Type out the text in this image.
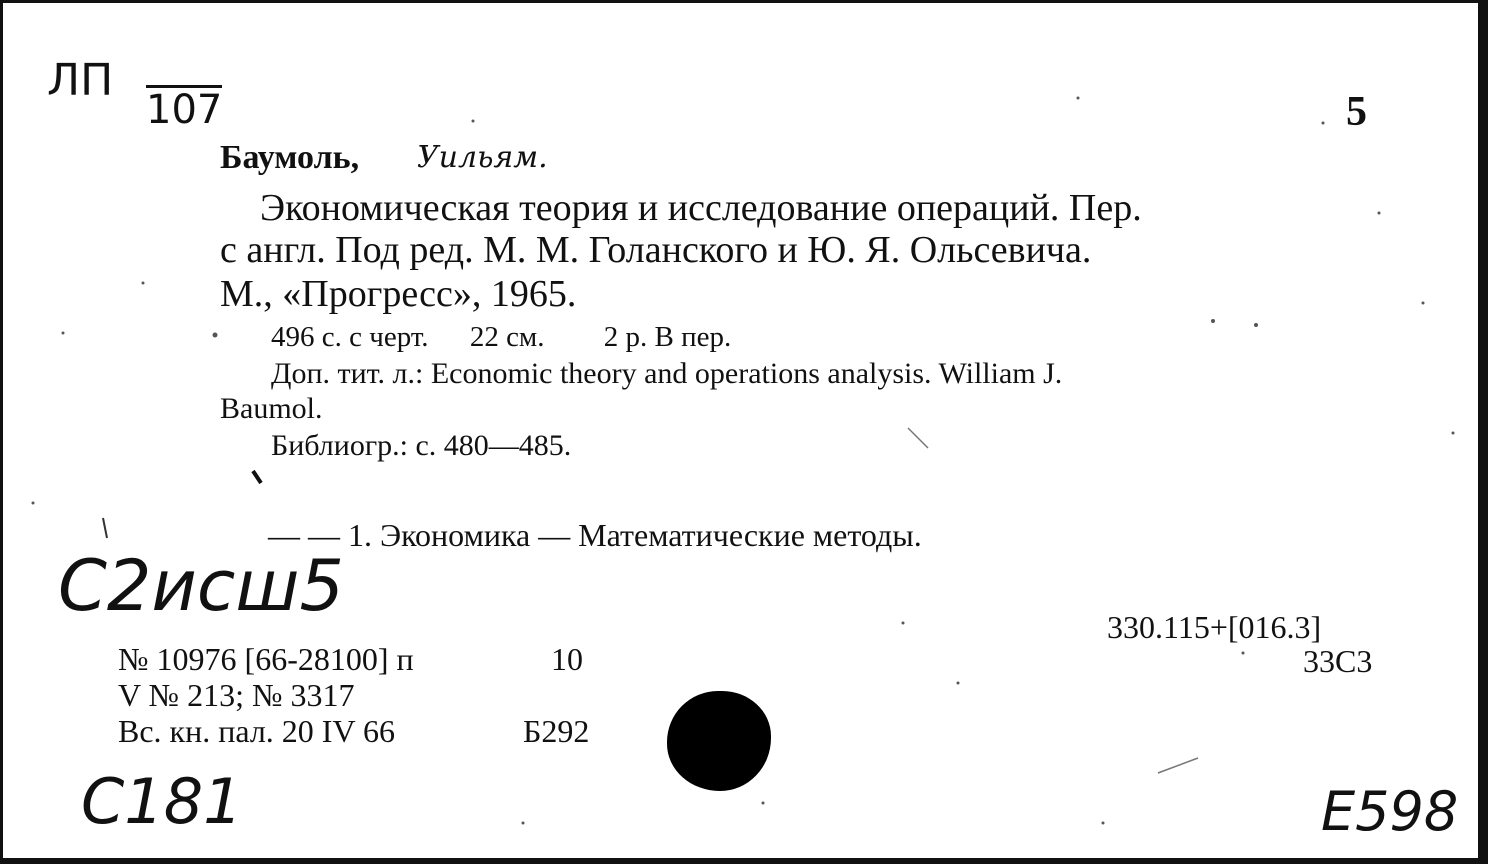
ЛП
107	5
Баумоль, Уильям.
Экономическая теория и исследование операций. Пер.
с англ. Под ред. М. М. Голанского и Ю. Я. Ольсевича.
М., «Прогресс», 1965.
496 с. с черт. 22 см. 2 р. В пер.
Доп. тит. л.: Economic theory and operations analysis. William J.
Baumol.
Библиогр.: с. 480—485.
— — 1. Экономика — Математические методы.
С2исш5	330.115+[016.3]
33С3
№ 10976 [66-28100] п	10
V № 213; № 3317
Вс. кн. пал. 20 IV 66	Б292
С181	E598
